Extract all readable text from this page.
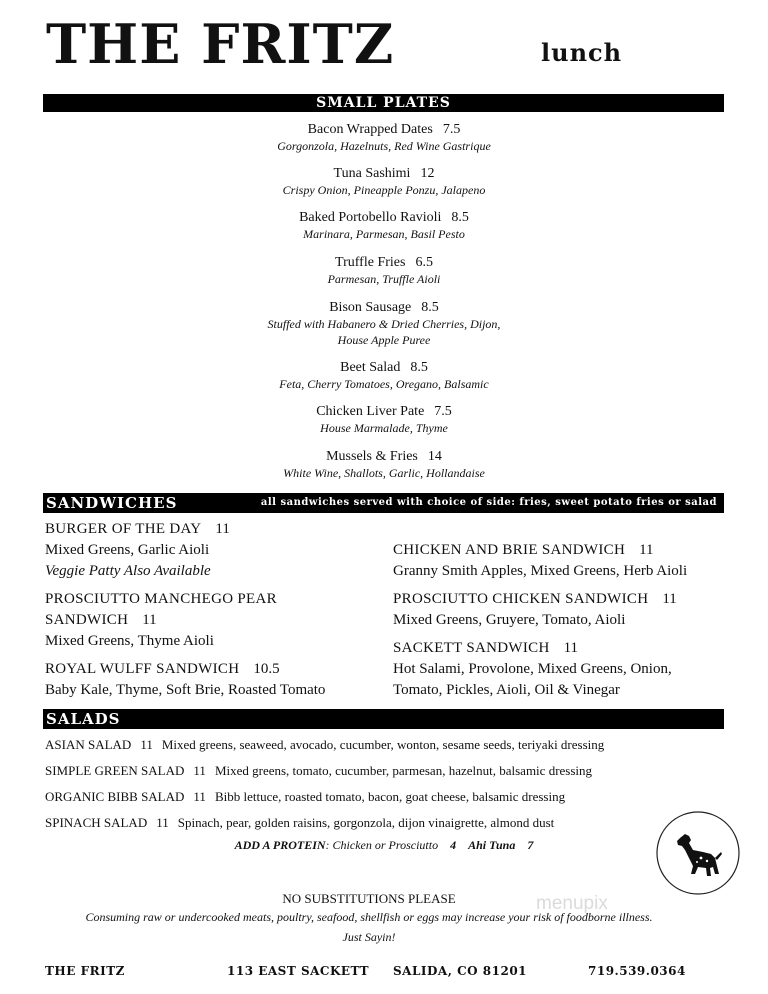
THE FRITZ	lunch
SMALL PLATES
Bacon Wrapped Dates 7.5
Gorgonzola, Hazelnuts, Red Wine Gastrique
Tuna Sashimi 12
Crispy Onion, Pineapple Ponzu, Jalapeno
Baked Portobello Ravioli 8.5
Marinara, Parmesan, Basil Pesto
Truffle Fries 6.5
Parmesan, Truffle Aioli
Bison Sausage 8.5
Stuffed with Habanero & Dried Cherries, Dijon,
House Apple Puree
Beet Salad 8.5
Feta, Cherry Tomatoes, Oregano, Balsamic
Chicken Liver Pate 7.5
House Marmalade, Thyme
Mussels & Fries 14
White Wine, Shallots, Garlic, Hollandaise
SANDWICHES	all sandwiches served with choice of side: fries, sweet potato fries or salad
BURGER OF THE DAY 11
Mixed Greens, Garlic Aioli
Veggie Patty Also Available
PROSCIUTTO MANCHEGO PEAR
SANDWICH 11
Mixed Greens, Thyme Aioli
ROYAL WULFF SANDWICH 10.5
Baby Kale, Thyme, Soft Brie, Roasted Tomato
CHICKEN AND BRIE SANDWICH 11
Granny Smith Apples, Mixed Greens, Herb Aioli
PROSCIUTTO CHICKEN SANDWICH 11
Mixed Greens, Gruyere, Tomato, Aioli
SACKETT SANDWICH 11
Hot Salami, Provolone, Mixed Greens, Onion,
Tomato, Pickles, Aioli, Oil & Vinegar
SALADS
ASIAN SALAD 11 Mixed greens, seaweed, avocado, cucumber, wonton, sesame seeds, teriyaki dressing
SIMPLE GREEN SALAD 11 Mixed greens, tomato, cucumber, parmesan, hazelnut, balsamic dressing
ORGANIC BIBB SALAD 11 Bibb lettuce, roasted tomato, bacon, goat cheese, balsamic dressing
SPINACH SALAD 11 Spinach, pear, golden raisins, gorgonzola, dijon vinaigrette, almond dust
ADD A PROTEIN: Chicken or Prosciutto 4 Ahi Tuna 7
NO SUBSTITUTIONS PLEASE
Consuming raw or undercooked meats, poultry, seafood, shellfish or eggs may increase your risk of foodborne illness.
Just Sayin!
menupix
THE FRITZ	113 EAST SACKETT SALIDA, CO 81201	719.539.0364
